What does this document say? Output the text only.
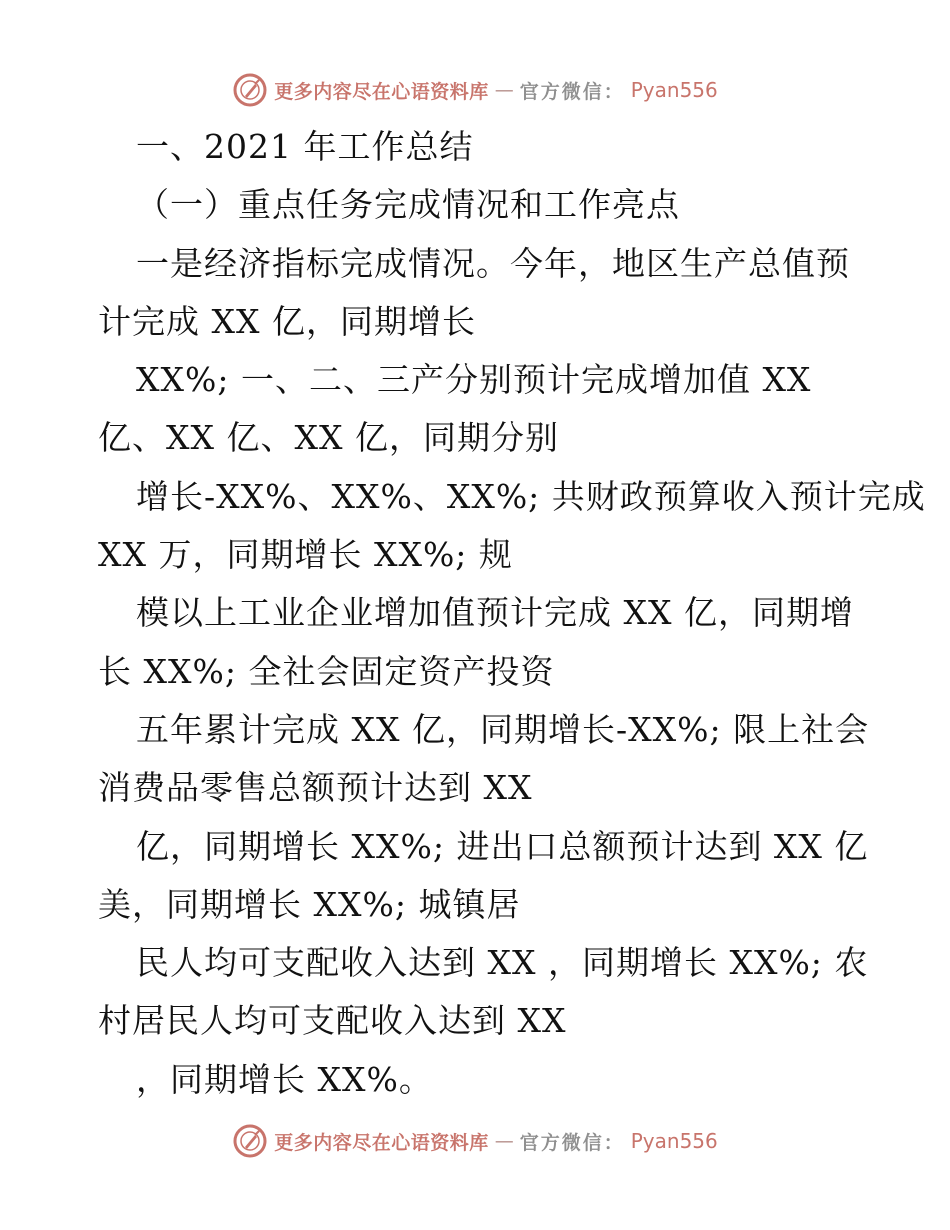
更多内容尽在心语资料库 — 官方微信： Pyan556
一、2021 年工作总结
（一）重点任务完成情况和工作亮点
一是经济指标完成情况。今年，地区生产总值预
计完成 XX 亿，同期增长
XX%; 一、二、三产分别预计完成增加值 XX
亿、XX 亿、XX 亿，同期分别
增长-XX%、XX%、XX%; 共财政预算收入预计完成
XX 万，同期增长 XX%; 规
模以上工业企业增加值预计完成 XX 亿，同期增
长 XX%; 全社会固定资产投资
五年累计完成 XX 亿，同期增长-XX%; 限上社会
消费品零售总额预计达到 XX
亿，同期增长 XX%; 进出口总额预计达到 XX 亿
美，同期增长 XX%; 城镇居
民人均可支配收入达到 XX ，同期增长 XX%; 农
村居民人均可支配收入达到 XX
，同期增长 XX%。
更多内容尽在心语资料库 — 官方微信： Pyan556
